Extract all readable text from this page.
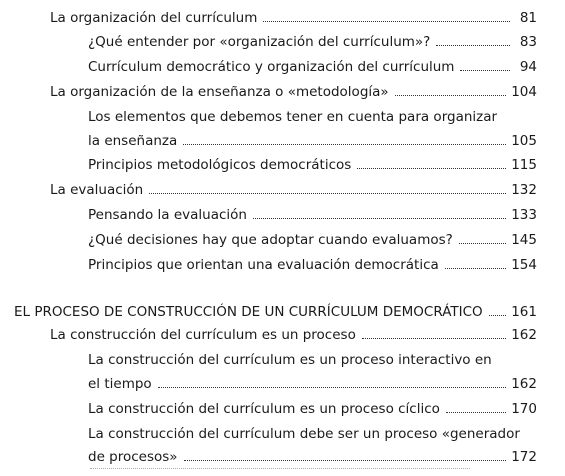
La organización del currículum	81
¿Qué entender por «organización del currículum»?	83
Currículum democrático y organización del currículum	94
La organización de la enseñanza o «metodología»	104
Los elementos que debemos tener en cuenta para organizar
la enseñanza	105
Principios metodológicos democráticos	115
La evaluación	132
Pensando la evaluación	133
¿Qué decisiones hay que adoptar cuando evaluamos?	145
Principios que orientan una evaluación democrática	154
EL PROCESO DE CONSTRUCCIÓN DE UN CURRÍCULUM DEMOCRÁTICO 161
La construcción del currículum es un proceso	162
La construcción del currículum es un proceso interactivo en
el tiempo	162
La construcción del currículum es un proceso cíclico	170
La construcción del currículum debe ser un proceso «generador
de procesos»	172
